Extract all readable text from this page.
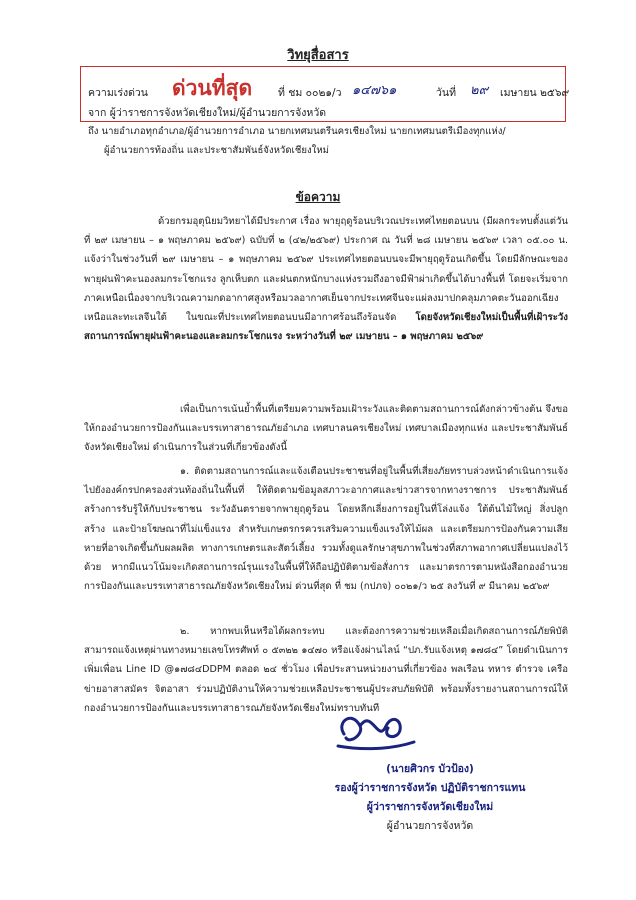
วิทยุสื่อสาร
ความเร่งด่วน ด่วนที่สุด ที่ ชม ๐๐๒๑/ว ๑๔๗๖๑	วันที่ ๒๙ เมษายน ๒๕๖๙
จาก ผู้ว่าราชการจังหวัดเชียงใหม่/ผู้อำนวยการจังหวัด
ถึง นายอำเภอทุกอำเภอ/ผู้อำนวยการอำเภอ นายกเทศมนตรีนครเชียงใหม่ นายกเทศมนตรีเมืองทุกแห่ง/
ผู้อำนวยการท้องถิ่น และประชาสัมพันธ์จังหวัดเชียงใหม่
ข้อความ

ด้วยกรมอุตุนิยมวิทยาได้มีประกาศ เรื่อง พายุฤดูร้อนบริเวณประเทศไทยตอนบน (มีผลกระทบตั้งแต่วันที่ ๒๙ เมษายน – ๑ พฤษภาคม ๒๕๖๙) ฉบับที่ ๒ (๔๒/๒๕๖๙) ประกาศ ณ วันที่ ๒๘ เมษายน ๒๕๖๙ เวลา ๐๕.๐๐ น. แจ้งว่าในช่วงวันที่ ๒๙ เมษายน – ๑ พฤษภาคม ๒๕๖๙ ประเทศไทยตอนบนจะมีพายุฤดูร้อนเกิดขึ้น โดยมีลักษณะของพายุฝนฟ้าคะนองลมกระโชกแรง ลูกเห็บตก และฝนตกหนักบางแห่งรวมถึงอาจมีฟ้าผ่าเกิดขึ้นได้บางพื้นที่ โดยจะเริ่มจากภาคเหนือเนื่องจากบริเวณความกดอากาศสูงหรือมวลอากาศเย็นจากประเทศจีนจะแผ่ลงมาปกคลุมภาคตะวันออกเฉียงเหนือและทะเลจีนใต้ ในขณะที่ประเทศไทยตอนบนมีอากาศร้อนถึงร้อนจัด โดยจังหวัดเชียงใหม่เป็นพื้นที่เฝ้าระวังสถานการณ์พายุฝนฟ้าคะนองและลมกระโชกแรง ระหว่างวันที่ ๒๙ เมษายน – ๑ พฤษภาคม ๒๕๖๙

เพื่อเป็นการเน้นย้ำพื้นที่เตรียมความพร้อมเฝ้าระวังและติดตามสถานการณ์ดังกล่าวข้างต้น จึงขอให้กองอำนวยการป้องกันและบรรเทาสาธารณภัยอำเภอ เทศบาลนครเชียงใหม่ เทศบาลเมืองทุกแห่ง และประชาสัมพันธ์จังหวัดเชียงใหม่ ดำเนินการในส่วนที่เกี่ยวข้องดังนี้

๑. ติดตามสถานการณ์และแจ้งเตือนประชาชนที่อยู่ในพื้นที่เสี่ยงภัยทราบล่วงหน้าดำเนินการแจ้งไปยังองค์กรปกครองส่วนท้องถิ่นในพื้นที่ ให้ติดตามข้อมูลสภาวะอากาศและข่าวสารจากทางราชการ ประชาสัมพันธ์สร้างการรับรู้ให้กับประชาชน ระวังอันตรายจากพายุฤดูร้อน โดยหลีกเลี่ยงการอยู่ในที่โล่งแจ้ง ใต้ต้นไม้ใหญ่ สิ่งปลูกสร้าง และป้ายโฆษณาที่ไม่แข็งแรง สำหรับเกษตรกรควรเสริมความแข็งแรงให้ไม้ผล และเตรียมการป้องกันความเสียหายที่อาจเกิดขึ้นกับผลผลิต ทางการเกษตรและสัตว์เลี้ยง รวมทั้งดูแลรักษาสุขภาพในช่วงที่สภาพอากาศเปลี่ยนแปลงไว้ด้วย หากมีแนวโน้มจะเกิดสถานการณ์รุนแรงในพื้นที่ให้ถือปฏิบัติตามข้อสั่งการ และมาตรการตามหนังสือกองอำนวยการป้องกันและบรรเทาสาธารณภัยจังหวัดเชียงใหม่ ด่วนที่สุด ที่ ชม (กปภจ) ๐๐๒๑/ว ๒๕ ลงวันที่ ๙ มีนาคม ๒๕๖๙

๒. หากพบเห็นหรือได้ผลกระทบ และต้องการความช่วยเหลือเมื่อเกิดสถานการณ์ภัยพิบัติ สามารถแจ้งเหตุผ่านทางหมายเลขโทรศัพท์ ๐ ๕๓๒๒ ๑๔๗๐ หรือแจ้งผ่านไลน์ “ปภ.รับแจ้งเหตุ ๑๗๘๔” โดยดำเนินการเพิ่มเพื่อน Line ID @๑๗๘๔DDPM ตลอด ๒๔ ชั่วโมง เพื่อประสานหน่วยงานที่เกี่ยวข้อง พลเรือน ทหาร ตำรวจ เครือข่ายอาสาสมัคร จิตอาสา ร่วมปฏิบัติงานให้ความช่วยเหลือประชาชนผู้ประสบภัยพิบัติ พร้อมทั้งรายงานสถานการณ์ให้กองอำนวยการป้องกันและบรรเทาสาธารณภัยจังหวัดเชียงใหม่ทราบทันที

(นายศิวกร บัวป้อง)
รองผู้ว่าราชการจังหวัด ปฏิบัติราชการแทน
ผู้ว่าราชการจังหวัดเชียงใหม่
ผู้อำนวยการจังหวัด
